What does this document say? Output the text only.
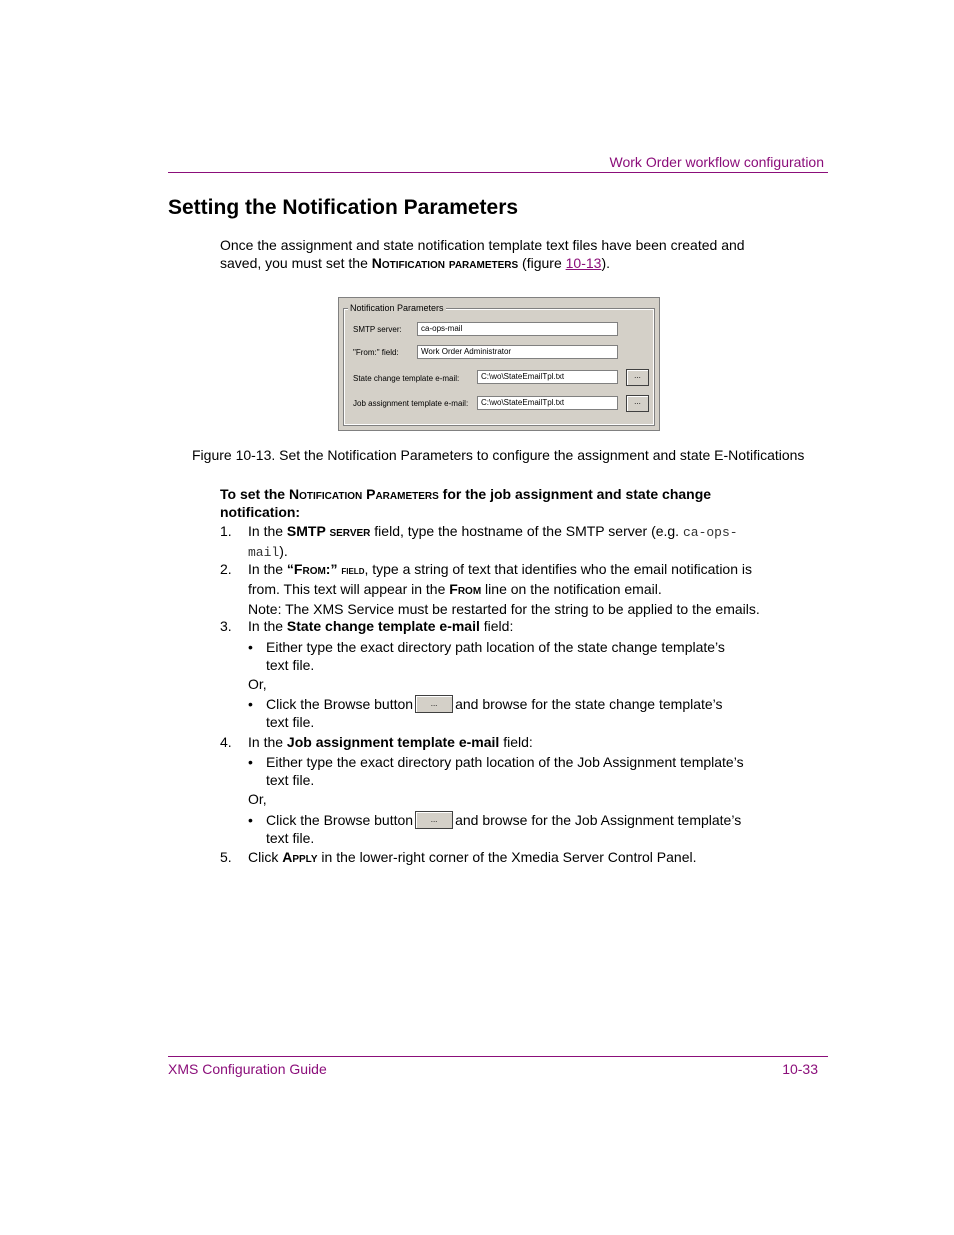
Work Order workflow configuration
Setting the Notification Parameters
Once the assignment and state notification template text files have been created and
saved, you must set the Notification parameters (figure 10-13).
Notification Parameters
SMTP server:	ca-ops-mail
"From:" field:	Work Order Administrator
State change template e-mail:	C:\wo\StateEmailTpl.txt	...
Job assignment template e-mail:	C:\wo\StateEmailTpl.txt	...
Figure 10-13. Set the Notification Parameters to configure the assignment and state E-Notifications
To set the Notification Parameters for the job assignment and state change
notification:
1. In the SMTP server field, type the hostname of the SMTP server (e.g. ca-ops-
mail).
2. In the “From:” field, type a string of text that identifies who the email notification is
from. This text will appear in the From line on the notification email.
Note: The XMS Service must be restarted for the string to be applied to the emails.
3. In the State change template e-mail field:
• Either type the exact directory path location of the state change template’s
text file.
Or,
• Click the Browse button ... and browse for the state change template’s
text file.
4. In the Job assignment template e-mail field:
• Either type the exact directory path location of the Job Assignment template’s
text file.
Or,
• Click the Browse button ... and browse for the Job Assignment template’s
text file.
5. Click Apply in the lower-right corner of the Xmedia Server Control Panel.
XMS Configuration Guide	10-33
